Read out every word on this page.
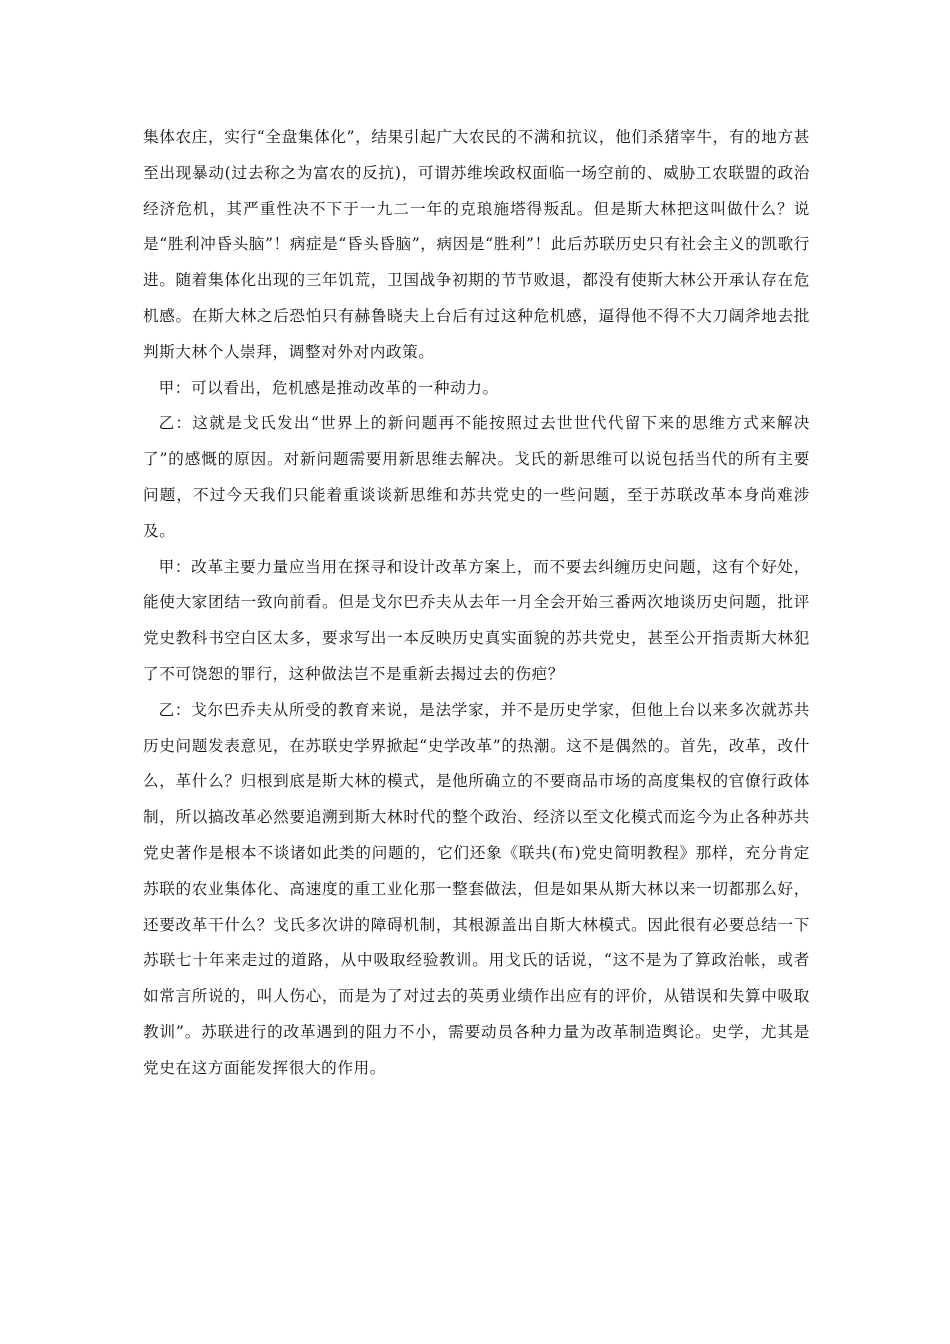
集体农庄，实行“全盘集体化”，结果引起广大农民的不满和抗议，他们杀猪宰牛，有的地方甚至出现暴动(过去称之为富农的反抗)，可谓苏维埃政权面临一场空前的、威胁工农联盟的政治经济危机，其严重性决不下于一九二一年的克琅施塔得叛乱。但是斯大林把这叫做什么？说是“胜利冲昏头脑”！病症是“昏头昏脑”，病因是“胜利”！此后苏联历史只有社会主义的凯歌行进。随着集体化出现的三年饥荒，卫国战争初期的节节败退，都没有使斯大林公开承认存在危机感。在斯大林之后恐怕只有赫鲁晓夫上台后有过这种危机感，逼得他不得不大刀阔斧地去批判斯大林个人崇拜，调整对外对内政策。

甲：可以看出，危机感是推动改革的一种动力。

乙：这就是戈氏发出“世界上的新问题再不能按照过去世世代代留下来的思维方式来解决了”的感慨的原因。对新问题需要用新思维去解决。戈氏的新思维可以说包括当代的所有主要问题，不过今天我们只能着重谈谈新思维和苏共党史的一些问题，至于苏联改革本身尚难涉及。

甲：改革主要力量应当用在探寻和设计改革方案上，而不要去纠缠历史问题，这有个好处，能使大家团结一致向前看。但是戈尔巴乔夫从去年一月全会开始三番两次地谈历史问题，批评党史教科书空白区太多，要求写出一本反映历史真实面貌的苏共党史，甚至公开指责斯大林犯了不可饶恕的罪行，这种做法岂不是重新去揭过去的伤疤？

乙：戈尔巴乔夫从所受的教育来说，是法学家，并不是历史学家，但他上台以来多次就苏共历史问题发表意见，在苏联史学界掀起“史学改革”的热潮。这不是偶然的。首先，改革，改什么，革什么？归根到底是斯大林的模式，是他所确立的不要商品市场的高度集权的官僚行政体制，所以搞改革必然要追溯到斯大林时代的整个政治、经济以至文化模式而迄今为止各种苏共党史著作是根本不谈诸如此类的问题的，它们还象《联共(布)党史简明教程》那样，充分肯定苏联的农业集体化、高速度的重工业化那一整套做法，但是如果从斯大林以来一切都那么好，还要改革干什么？戈氏多次讲的障碍机制，其根源盖出自斯大林模式。因此很有必要总结一下苏联七十年来走过的道路，从中吸取经验教训。用戈氏的话说，“这不是为了算政治帐，或者如常言所说的，叫人伤心，而是为了对过去的英勇业绩作出应有的评价，从错误和失算中吸取教训”。苏联进行的改革遇到的阻力不小，需要动员各种力量为改革制造舆论。史学，尤其是党史在这方面能发挥很大的作用。
